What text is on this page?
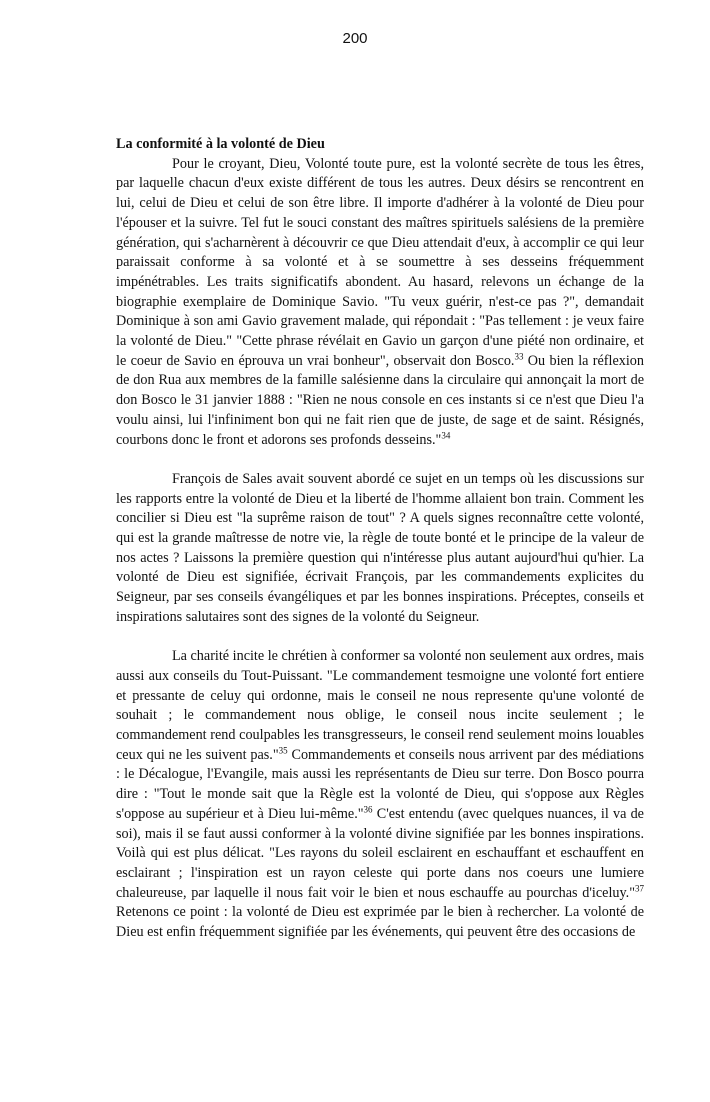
200

La conformité à la volonté de Dieu

Pour le croyant, Dieu, Volonté toute pure, est la volonté secrète de tous les êtres, par laquelle chacun d'eux existe différent de tous les autres. Deux désirs se rencontrent en lui, celui de Dieu et celui de son être libre. Il importe d'adhérer à la volonté de Dieu pour l'épouser et la suivre. Tel fut le souci constant des maîtres spirituels salésiens de la première génération, qui s'acharnèrent à découvrir ce que Dieu attendait d'eux, à accomplir ce qui leur paraissait conforme à sa volonté et à se soumettre à ses desseins fréquemment impénétrables. Les traits significatifs abondent. Au hasard, relevons un échange de la biographie exemplaire de Dominique Savio. "Tu veux guérir, n'est-ce pas ?", demandait Dominique à son ami Gavio gravement malade, qui répondait : "Pas tellement : je veux faire la volonté de Dieu." "Cette phrase révélait en Gavio un garçon d'une piété non ordinaire, et le coeur de Savio en éprouva un vrai bonheur", observait don Bosco.$^{33}$ Ou bien la réflexion de don Rua aux membres de la famille salésienne dans la circulaire qui annonçait la mort de don Bosco le 31 janvier 1888 : "Rien ne nous console en ces instants si ce n'est que Dieu l'a voulu ainsi, lui l'infiniment bon qui ne fait rien que de juste, de sage et de saint. Résignés, courbons donc le front et adorons ses profonds desseins."$^{34}$

François de Sales avait souvent abordé ce sujet en un temps où les discussions sur les rapports entre la volonté de Dieu et la liberté de l'homme allaient bon train. Comment les concilier si Dieu est "la suprême raison de tout" ? A quels signes reconnaître cette volonté, qui est la grande maîtresse de notre vie, la règle de toute bonté et le principe de la valeur de nos actes ? Laissons la première question qui n'intéresse plus autant aujourd'hui qu'hier. La volonté de Dieu est signifiée, écrivait François, par les commandements explicites du Seigneur, par ses conseils évangéliques et par les bonnes inspirations. Préceptes, conseils et inspirations salutaires sont des signes de la volonté du Seigneur.

La charité incite le chrétien à conformer sa volonté non seulement aux ordres, mais aussi aux conseils du Tout-Puissant. "Le commandement tesmoigne une volonté fort entiere et pressante de celuy qui ordonne, mais le conseil ne nous represente qu'une volonté de souhait ; le commandement nous oblige, le conseil nous incite seulement ; le commandement rend coulpables les transgresseurs, le conseil rend seulement moins louables ceux qui ne les suivent pas."$^{35}$ Commandements et conseils nous arrivent par des médiations : le Décalogue, l'Evangile, mais aussi les représentants de Dieu sur terre. Don Bosco pourra dire : "Tout le monde sait que la Règle est la volonté de Dieu, qui s'oppose aux Règles s'oppose au supérieur et à Dieu lui-même."$^{36}$ C'est entendu (avec quelques nuances, il va de soi), mais il se faut aussi conformer à la volonté divine signifiée par les bonnes inspirations. Voilà qui est plus délicat. "Les rayons du soleil esclairent en eschauffant et eschauffent en esclairant ; l'inspiration est un rayon celeste qui porte dans nos coeurs une lumiere chaleureuse, par laquelle il nous fait voir le bien et nous eschauffe au pourchas d'iceluy."$^{37}$ Retenons ce point : la volonté de Dieu est exprimée par le bien à rechercher. La volonté de Dieu est enfin fréquemment signifiée par les événements, qui peuvent être des occasions de
